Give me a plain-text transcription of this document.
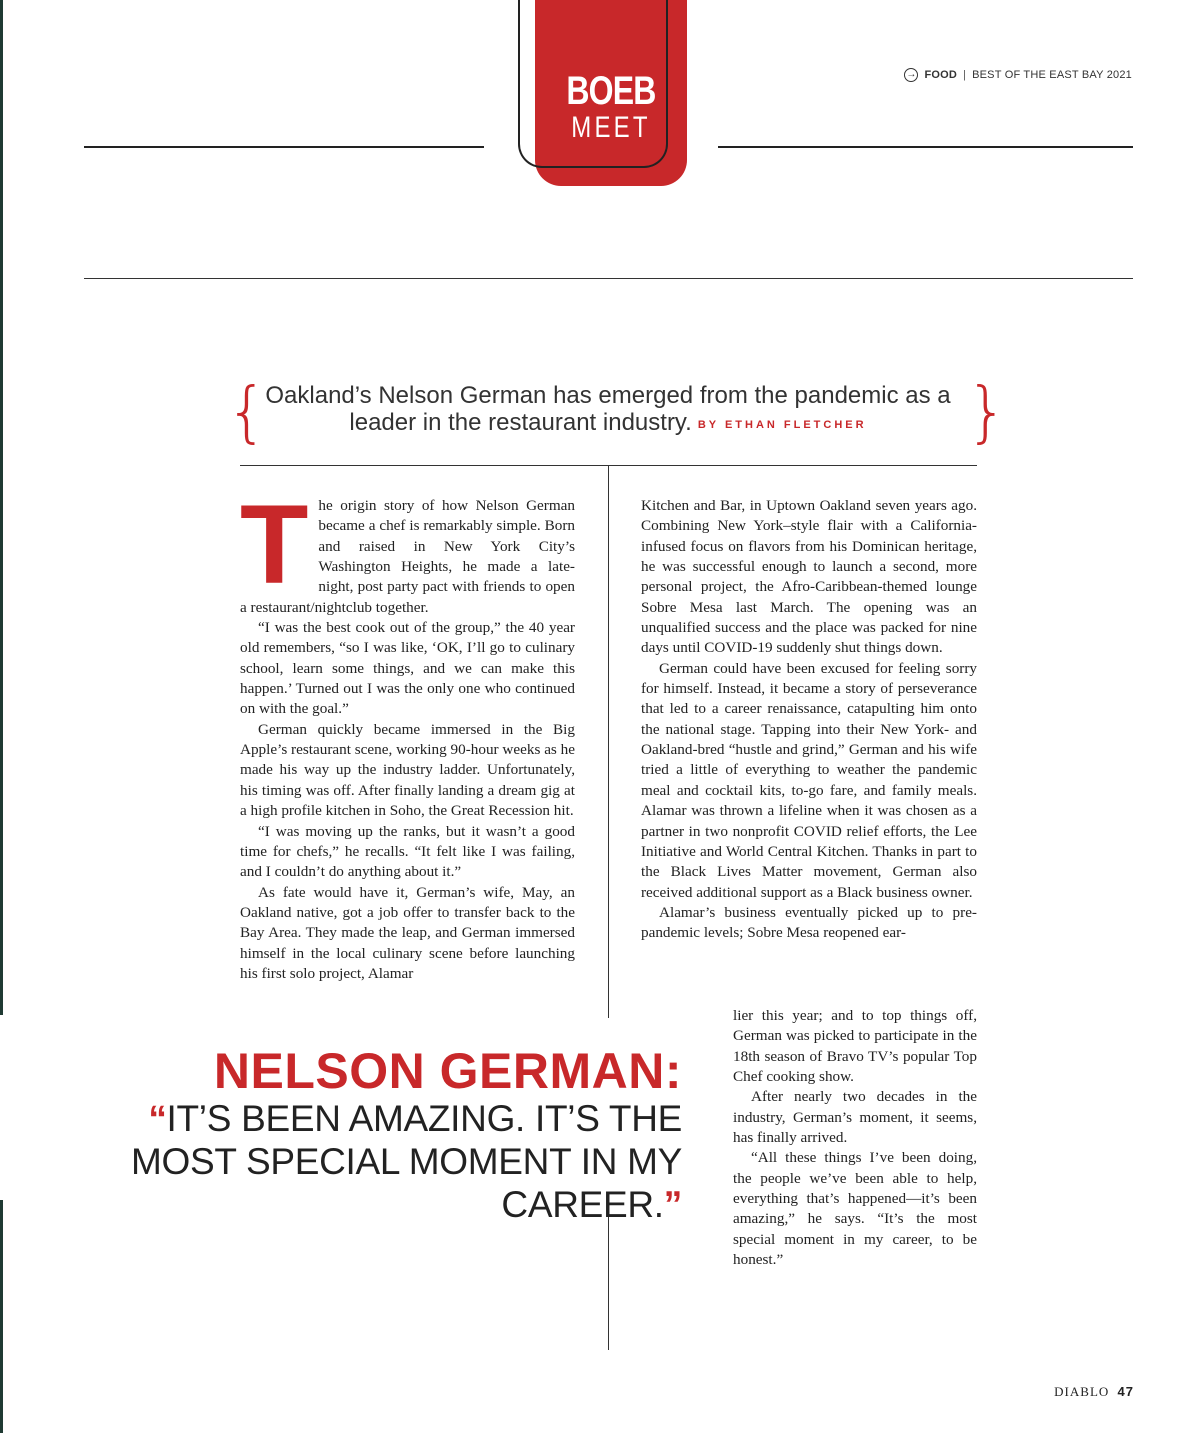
BOEB
MEET
→ FOOD | BEST OF THE EAST BAY 2021
{	}
Oakland’s Nelson German has emerged from the pandemic as a leader in the restaurant industry. BY ETHAN FLETCHER

The origin story of how Nelson German became a chef is remarkably simple. Born and raised in New York City’s Washington Heights, he made a late-night, post party pact with friends to open a restaurant/nightclub together.

“I was the best cook out of the group,” the 40 year old remembers, “so I was like, ‘OK, I’ll go to culinary school, learn some things, and we can make this happen.’ Turned out I was the only one who continued on with the goal.”

German quickly became immersed in the Big Apple’s restaurant scene, working 90-hour weeks as he made his way up the industry ladder. Unfortunately, his timing was off. After finally landing a dream gig at a high profile kitchen in Soho, the Great Recession hit.

“I was moving up the ranks, but it wasn’t a good time for chefs,” he recalls. “It felt like I was failing, and I couldn’t do anything about it.”

As fate would have it, German’s wife, May, an Oakland native, got a job offer to transfer back to the Bay Area. They made the leap, and German immersed himself in the local culinary scene before launching his first solo project, Alamar

Kitchen and Bar, in Uptown Oakland seven years ago. Combining New York–style flair with a California-infused focus on flavors from his Dominican heritage, he was successful enough to launch a second, more personal project, the Afro-Caribbean-themed lounge Sobre Mesa last March. The opening was an unqualified success and the place was packed for nine days until COVID-19 suddenly shut things down.

German could have been excused for feeling sorry for himself. Instead, it became a story of perseverance that led to a career renaissance, catapulting him onto the national stage. Tapping into their New York- and Oakland-bred “hustle and grind,” German and his wife tried a little of everything to weather the pandemic meal and cocktail kits, to-go fare, and family meals. Alamar was thrown a lifeline when it was chosen as a partner in two nonprofit COVID relief efforts, the Lee Initiative and World Central Kitchen. Thanks in part to the Black Lives Matter movement, German also received additional support as a Black business owner.

Alamar’s business eventually picked up to pre-pandemic levels; Sobre Mesa reopened ear-

lier this year; and to top things off, German was picked to participate in the 18th season of Bravo TV’s popular Top Chef cooking show.

After nearly two decades in the industry, German’s moment, it seems, has finally arrived.

“All these things I’ve been doing, the people we’ve been able to help, everything that’s happened—it’s been amazing,” he says. “It’s the most special moment in my career, to be honest.”

NELSON GERMAN:
“IT’S BEEN AMAZING. IT’S THE MOST SPECIAL MOMENT IN MY CAREER.”
DIABLO 47
